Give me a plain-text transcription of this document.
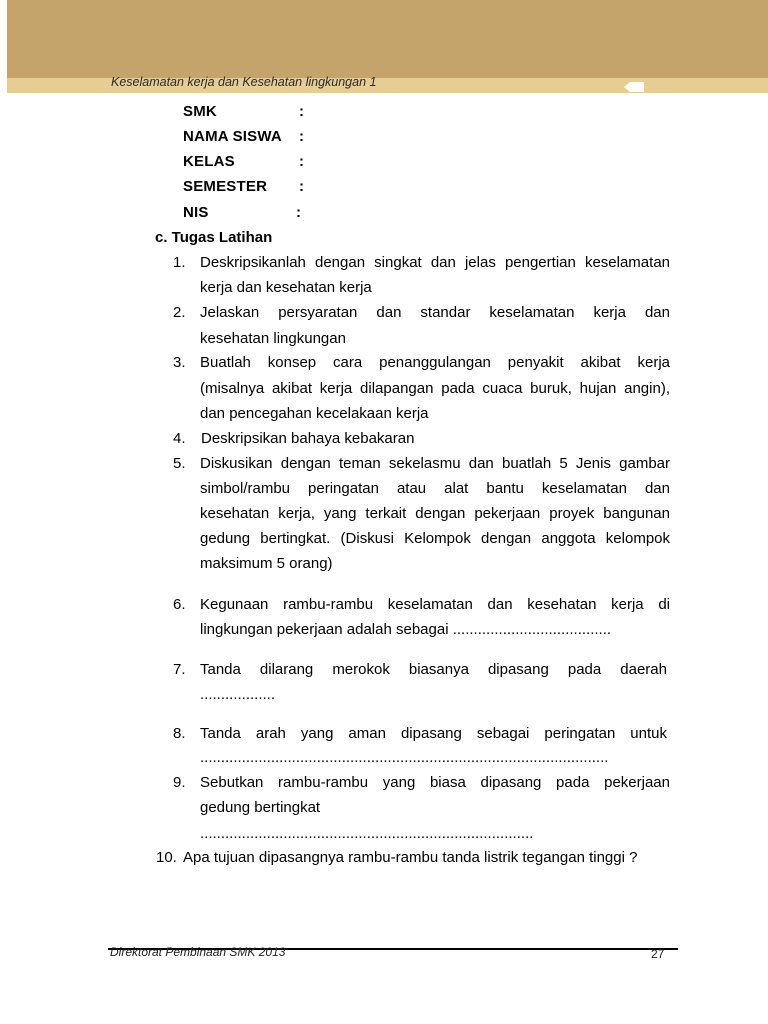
Keselamatan kerja dan Kesehatan lingkungan 1
SMK	:
NAMA SISWA :
KELAS	:
SEMESTER :
NIS	:
c. Tugas Latihan
1. Deskripsikanlah dengan singkat dan jelas pengertian keselamatan
kerja dan kesehatan kerja
2. Jelaskan persyaratan dan standar keselamatan kerja dan
kesehatan lingkungan
3. Buatlah konsep cara penanggulangan penyakit akibat kerja
(misalnya akibat kerja dilapangan pada cuaca buruk, hujan angin),
dan pencegahan kecelakaan kerja
4. Deskripsikan bahaya kebakaran
5. Diskusikan dengan teman sekelasmu dan buatlah 5 Jenis gambar
simbol/rambu peringatan atau alat bantu keselamatan dan
kesehatan kerja, yang terkait dengan pekerjaan proyek bangunan
gedung bertingkat. (Diskusi Kelompok dengan anggota kelompok
maksimum 5 orang)
6. Kegunaan rambu-rambu keselamatan dan kesehatan kerja di
lingkungan pekerjaan adalah sebagai ......................................
7. Tanda dilarang merokok biasanya dipasang pada daerah
..................
8. Tanda arah yang aman dipasang sebagai peringatan untuk
..................................................................................................
9. Sebutkan rambu-rambu yang biasa dipasang pada pekerjaan
gedung bertingkat
................................................................................
10. Apa tujuan dipasangnya rambu-rambu tanda listrik tegangan tinggi ?
Direktorat Pembinaan SMK 2013	27
